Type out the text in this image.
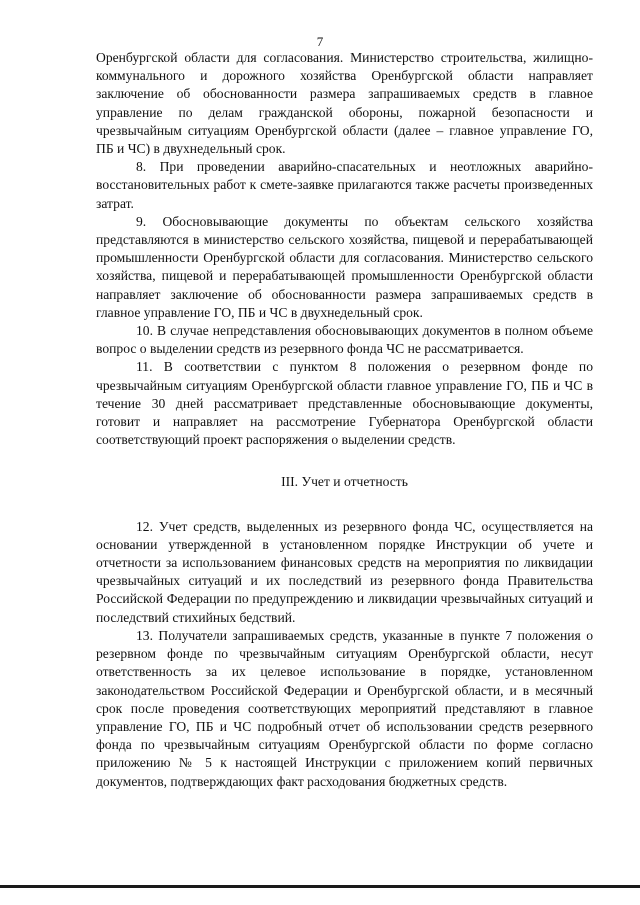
7

Оренбургской области для согласования. Министерство строительства, жилищно-коммунального и дорожного хозяйства Оренбургской области направляет заключение об обоснованности размера запрашиваемых средств в главное управление по делам гражданской обороны, пожарной безопасности и чрезвычайным ситуациям Оренбургской области (далее – главное управление ГО, ПБ и ЧС) в двухнедельный срок.

8. При проведении аварийно-спасательных и неотложных аварийно-восстановительных работ к смете-заявке прилагаются также расчеты произведенных затрат.

9. Обосновывающие документы по объектам сельского хозяйства представляются в министерство сельского хозяйства, пищевой и перерабатывающей промышленности Оренбургской области для согласования. Министерство сельского хозяйства, пищевой и перерабатывающей промышленности Оренбургской области направляет заключение об обоснованности размера запрашиваемых средств в главное управление ГО, ПБ и ЧС в двухнедельный срок.

10. В случае непредставления обосновывающих документов в полном объеме вопрос о выделении средств из резервного фонда ЧС не рассматривается.

11. В соответствии с пунктом 8 положения о резервном фонде по чрезвычайным ситуациям Оренбургской области главное управление ГО, ПБ и ЧС в течение 30 дней рассматривает представленные обосновывающие документы, готовит и направляет на рассмотрение Губернатора Оренбургской области соответствующий проект распоряжения о выделении средств.

III. Учет и отчетность

12. Учет средств, выделенных из резервного фонда ЧС, осуществляется на основании утвержденной в установленном порядке Инструкции об учете и отчетности за использованием финансовых средств на мероприятия по ликвидации чрезвычайных ситуаций и их последствий из резервного фонда Правительства Российской Федерации по предупреждению и ликвидации чрезвычайных ситуаций и последствий стихийных бедствий.

13. Получатели запрашиваемых средств, указанные в пункте 7 положения о резервном фонде по чрезвычайным ситуациям Оренбургской области, несут ответственность за их целевое использование в порядке, установленном законодательством Российской Федерации и Оренбургской области, и в месячный срок после проведения соответствующих мероприятий представляют в главное управление ГО, ПБ и ЧС подробный отчет об использовании средств резервного фонда по чрезвычайным ситуациям Оренбургской области по форме согласно приложению № 5 к настоящей Инструкции с приложением копий первичных документов, подтверждающих факт расходования бюджетных средств.
